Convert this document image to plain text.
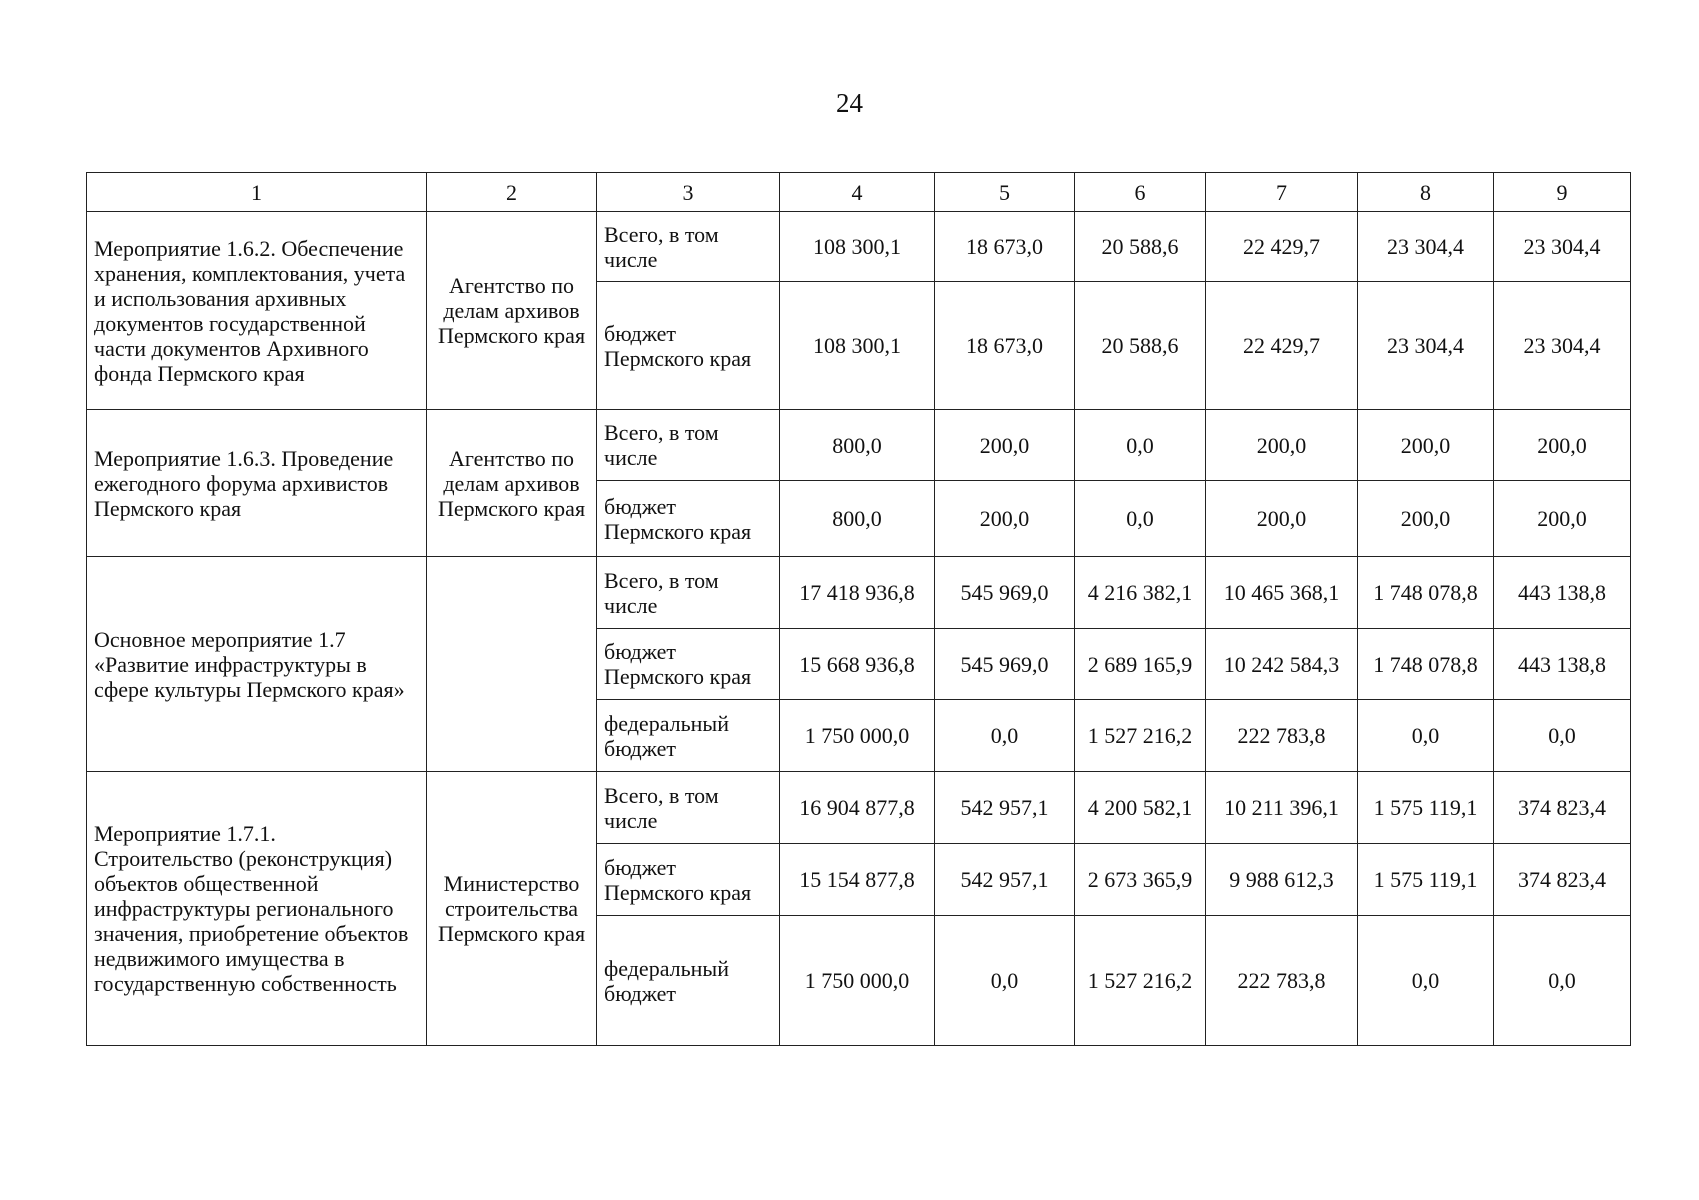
24
1	2	3	4	5	6	7	8	9
Мероприятие 1.6.2. Обеспечение хранения, комплектования, учета и использования архивных документов государственной части документов Архивного фонда Пермского края	Агентство по делам архивов Пермского края	Всего, в том числе	108 300,1	18 673,0	20 588,6	22 429,7	23 304,4	23 304,4
		бюджет Пермского края	108 300,1	18 673,0	20 588,6	22 429,7	23 304,4	23 304,4
Мероприятие 1.6.3. Проведение ежегодного форума архивистов Пермского края	Агентство по делам архивов Пермского края	Всего, в том числе	800,0	200,0	0,0	200,0	200,0	200,0
		бюджет Пермского края	800,0	200,0	0,0	200,0	200,0	200,0
Основное мероприятие 1.7 «Развитие инфраструктуры в сфере культуры Пермского края»		Всего, в том числе	17 418 936,8	545 969,0	4 216 382,1	10 465 368,1	1 748 078,8	443 138,8
		бюджет Пермского края	15 668 936,8	545 969,0	2 689 165,9	10 242 584,3	1 748 078,8	443 138,8
		федеральный бюджет	1 750 000,0	0,0	1 527 216,2	222 783,8	0,0	0,0
Мероприятие 1.7.1. Строительство (реконструкция) объектов общественной инфраструктуры регионального значения, приобретение объектов недвижимого имущества в государственную собственность	Министерство строительства Пермского края	Всего, в том числе	16 904 877,8	542 957,1	4 200 582,1	10 211 396,1	1 575 119,1	374 823,4
		бюджет Пермского края	15 154 877,8	542 957,1	2 673 365,9	9 988 612,3	1 575 119,1	374 823,4
		федеральный бюджет	1 750 000,0	0,0	1 527 216,2	222 783,8	0,0	0,0
